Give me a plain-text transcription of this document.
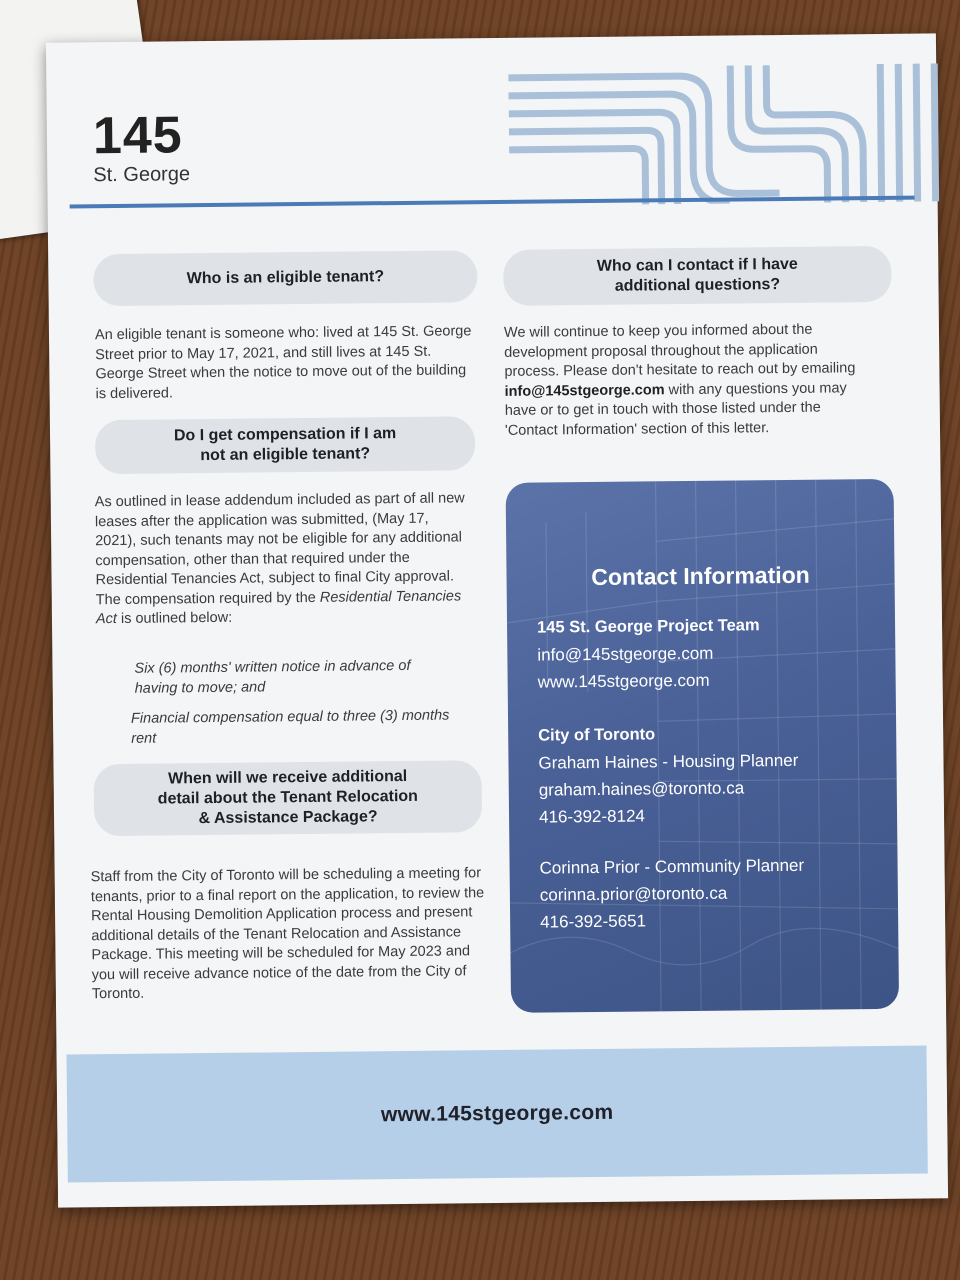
145
St. George
Who is an eligible tenant?
An eligible tenant is someone who: lived at 145 St. George Street prior to May 17, 2021, and still lives at 145 St. George Street when the notice to move out of the building is delivered.
Do I get compensation if I am
not an eligible tenant?
As outlined in lease addendum included as part of all new leases after the application was submitted, (May 17, 2021), such tenants may not be eligible for any additional compensation, other than that required under the Residential Tenancies Act, subject to final City approval. The compensation required by the Residential Tenancies Act is outlined below:
Six (6) months' written notice in advance of having to move; and
Financial compensation equal to three (3) months rent
When will we receive additional
detail about the Tenant Relocation
& Assistance Package?
Staff from the City of Toronto will be scheduling a meeting for tenants, prior to a final report on the application, to review the Rental Housing Demolition Application process and present additional details of the Tenant Relocation and Assistance Package. This meeting will be scheduled for May 2023 and you will receive advance notice of the date from the City of Toronto.
Who can I contact if I have
additional questions?
We will continue to keep you informed about the development proposal throughout the application process. Please don't hesitate to reach out by emailing info@145stgeorge.com with any questions you may have or to get in touch with those listed under the 'Contact Information' section of this letter.
Contact Information
145 St. George Project Team
info@145stgeorge.com
www.145stgeorge.com
City of Toronto
Graham Haines - Housing Planner
graham.haines@toronto.ca
416-392-8124
Corinna Prior - Community Planner
corinna.prior@toronto.ca
416-392-5651
www.145stgeorge.com
